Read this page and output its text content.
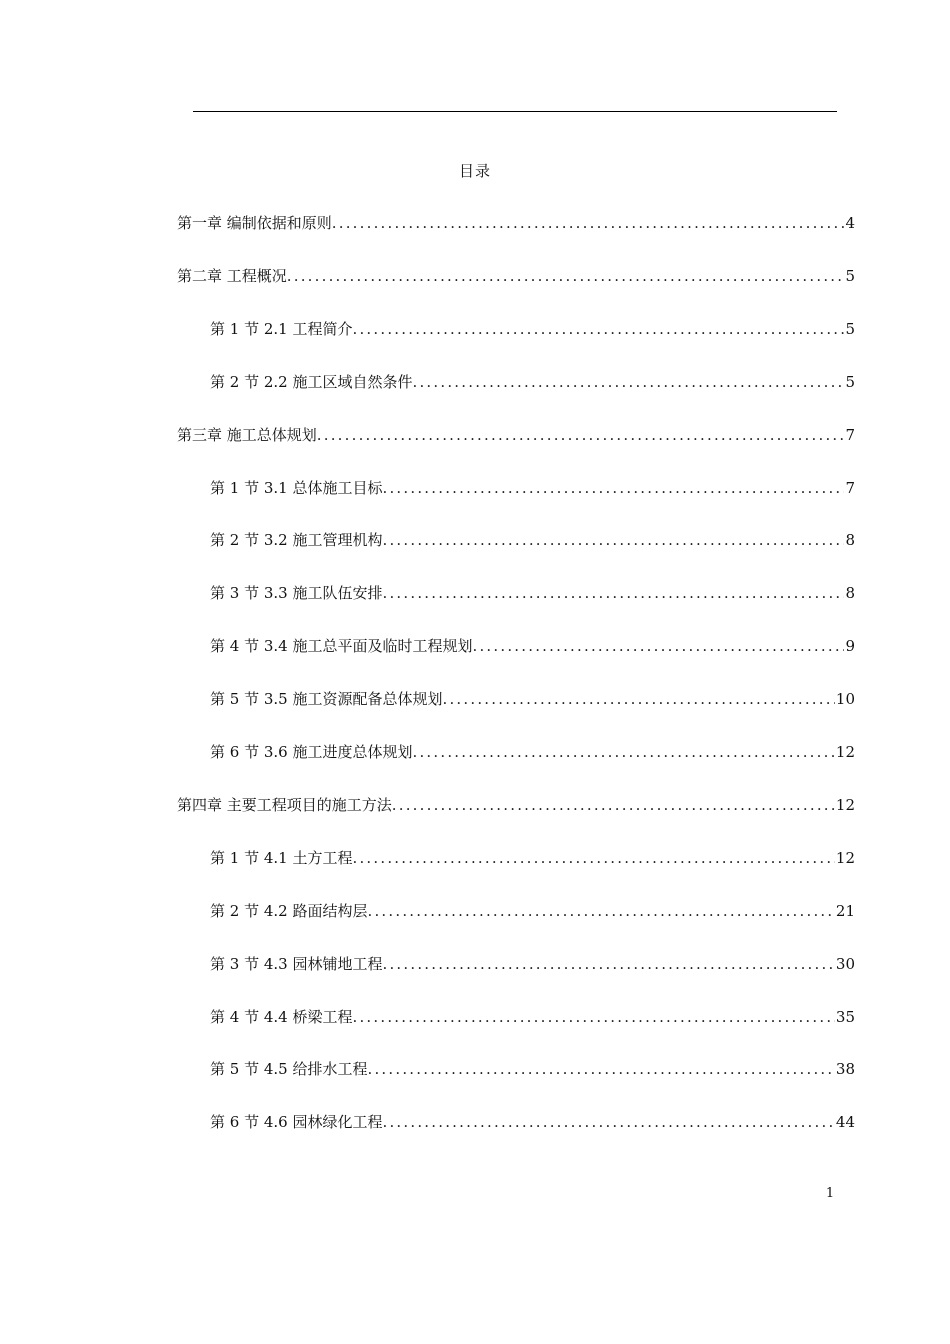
目录
第一章 编制依据和原则 .....	4
第二章 工程概况 .....	5
第 1 节 2.1 工程简介 .....	5
第 2 节 2.2 施工区域自然条件 .....	5
第三章 施工总体规划 .....	7
第 1 节 3.1 总体施工目标 .....	7
第 2 节 3.2 施工管理机构 .....	8
第 3 节 3.3 施工队伍安排 .....	8
第 4 节 3.4 施工总平面及临时工程规划 .....	9
第 5 节 3.5 施工资源配备总体规划 .....	10
第 6 节 3.6 施工进度总体规划 .....	12
第四章 主要工程项目的施工方法 .....	12
第 1 节 4.1 土方工程 .....	12
第 2 节 4.2 路面结构层 .....	21
第 3 节 4.3 园林铺地工程 .....	30
第 4 节 4.4 桥梁工程 .....	35
第 5 节 4.5 给排水工程 .....	38
第 6 节 4.6 园林绿化工程 .....	44
1
